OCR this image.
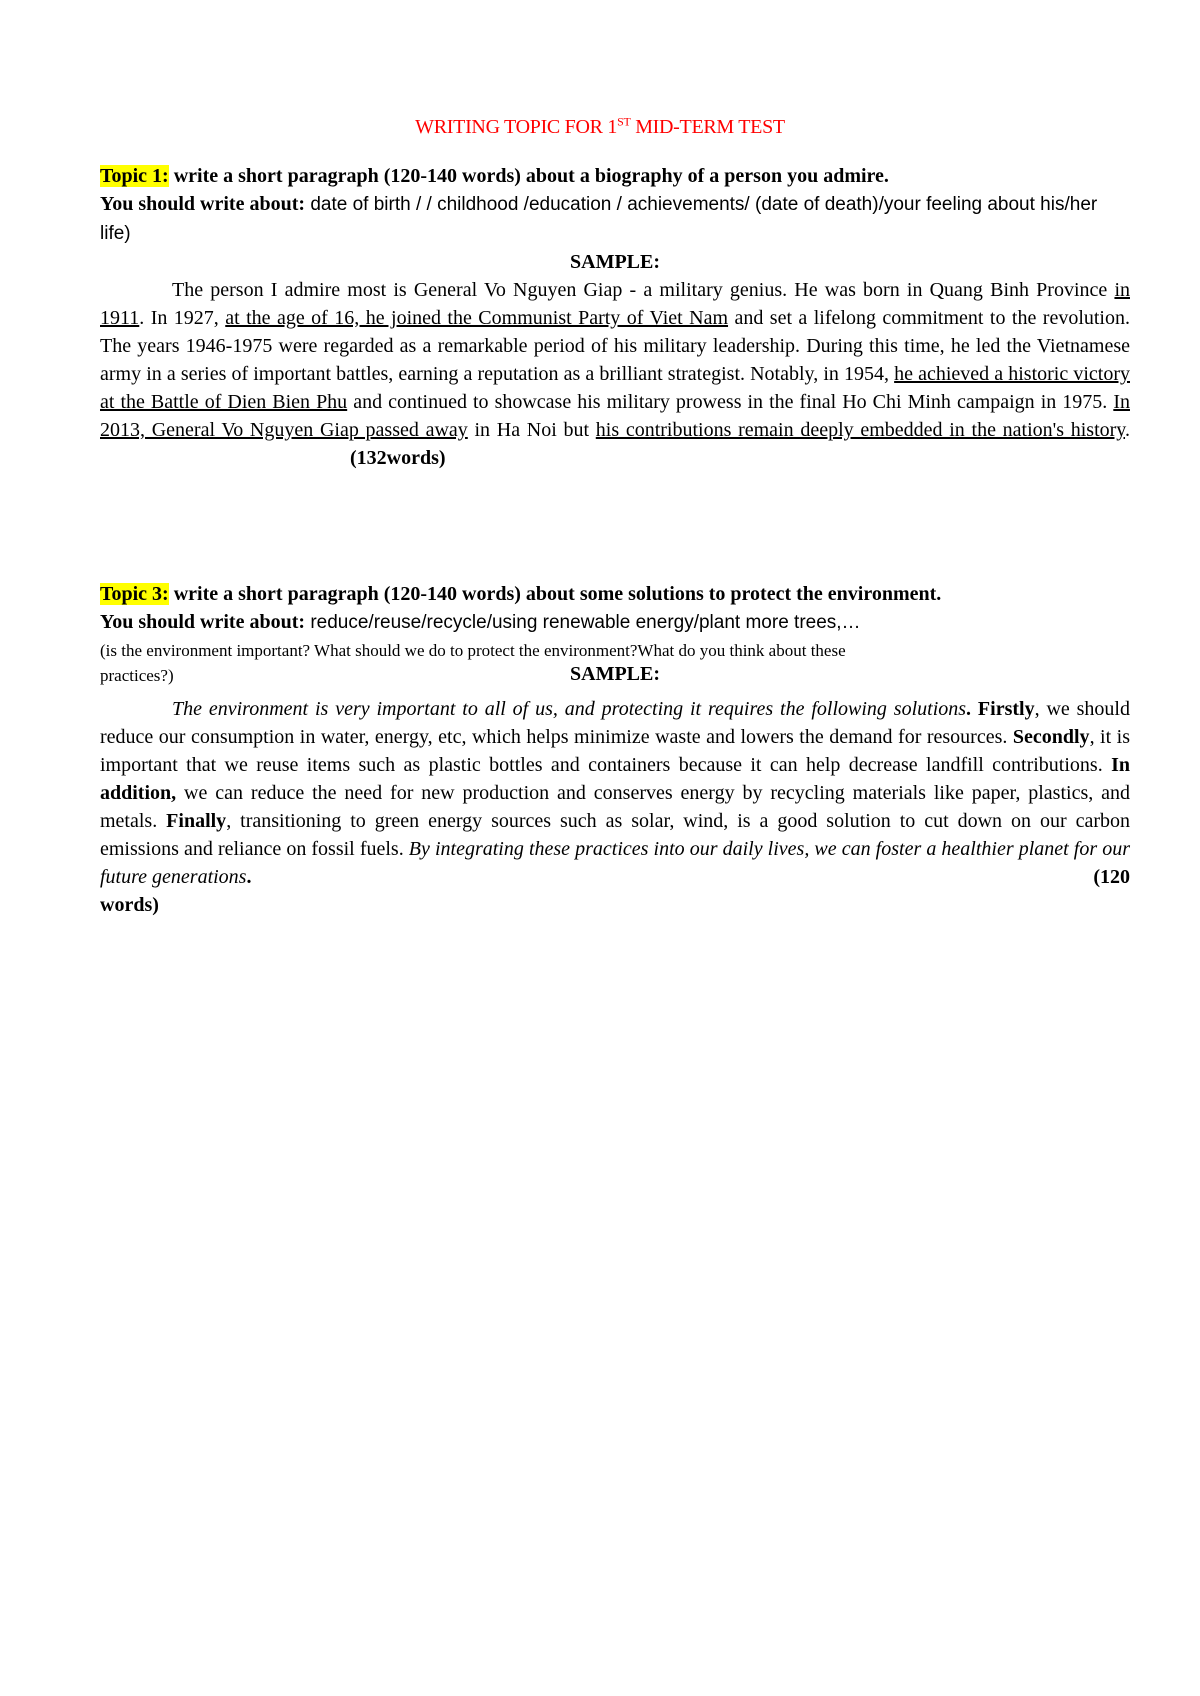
WRITING TOPIC FOR 1ST MID-TERM TEST

Topic 1: write a short paragraph (120-140 words) about a biography of a person you admire.

You should write about: date of birth / / childhood /education / achievements/ (date of death)/your feeling about his/her life)

SAMPLE:

The person I admire most is General Vo Nguyen Giap - a military genius. He was born in Quang Binh Province in 1911. In 1927, at the age of 16, he joined the Communist Party of Viet Nam and set a lifelong commitment to the revolution. The years 1946-1975 were regarded as a remarkable period of his military leadership. During this time, he led the Vietnamese army in a series of important battles, earning a reputation as a brilliant strategist. Notably, in 1954, he achieved a historic victory at the Battle of Dien Bien Phu and continued to showcase his military prowess in the final Ho Chi Minh campaign in 1975. In 2013, General Vo Nguyen Giap passed away in Ha Noi but his contributions remain deeply embedded in the nation's history.(132words)

Topic 3: write a short paragraph (120-140 words) about some solutions to protect the environment.

You should write about: reduce/reuse/recycle/using renewable energy/plant more trees,…

(is the environment important? What should we do to protect the environment?What do you think about these

practices?)	SAMPLE:

The environment is very important to all of us, and protecting it requires the following solutions. Firstly, we should reduce our consumption in water, energy, etc, which helps minimize waste and lowers the demand for resources. Secondly, it is important that we reuse items such as plastic bottles and containers because it can help decrease landfill contributions. In addition, we can reduce the need for new production and conserves energy by recycling materials like paper, plastics, and metals. Finally, transitioning to green energy sources such as solar, wind, is a good solution to cut down on our carbon emissions and reliance on fossil fuels. By integrating these practices into our daily lives, we can foster a healthier planet for our future generations.	(120

words)
